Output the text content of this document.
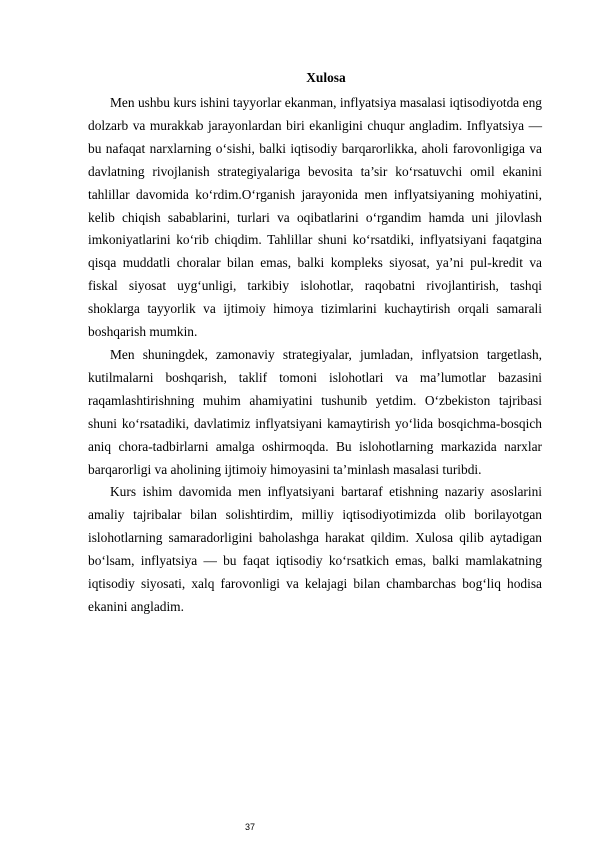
Xulosa

Men ushbu kurs ishini tayyorlar ekanman, inflyatsiya masalasi iqtisodiyotda eng dolzarb va murakkab jarayonlardan biri ekanligini chuqur angladim. Inflyatsiya — bu nafaqat narxlarning o‘sishi, balki iqtisodiy barqarorlikka, aholi farovonligiga va davlatning rivojlanish strategiyalariga bevosita ta’sir ko‘rsatuvchi omil ekanini tahlillar davomida ko‘rdim.O‘rganish jarayonida men inflyatsiyaning mohiyatini, kelib chiqish sabablarini, turlari va oqibatlarini o‘rgandim hamda uni jilovlash imkoniyatlarini ko‘rib chiqdim. Tahlillar shuni ko‘rsatdiki, inflyatsiyani faqatgina qisqa muddatli choralar bilan emas, balki kompleks siyosat, ya’ni pul-kredit va fiskal siyosat uyg‘unligi, tarkibiy islohotlar, raqobatni rivojlantirish, tashqi shoklarga tayyorlik va ijtimoiy himoya tizimlarini kuchaytirish orqali samarali boshqarish mumkin.

Men shuningdek, zamonaviy strategiyalar, jumladan, inflyatsion targetlash, kutilmalarni boshqarish, taklif tomoni islohotlari va ma’lumotlar bazasini raqamlashtirishning muhim ahamiyatini tushunib yetdim. O‘zbekiston tajribasi shuni ko‘rsatadiki, davlatimiz inflyatsiyani kamaytirish yo‘lida bosqichma-bosqich aniq chora-tadbirlarni amalga oshirmoqda. Bu islohotlarning markazida narxlar barqarorligi va aholining ijtimoiy himoyasini ta’minlash masalasi turibdi.

Kurs ishim davomida men inflyatsiyani bartaraf etishning nazariy asoslarini amaliy tajribalar bilan solishtirdim, milliy iqtisodiyotimizda olib borilayotgan islohotlarning samaradorligini baholashga harakat qildim. Xulosa qilib aytadigan bo‘lsam, inflyatsiya — bu faqat iqtisodiy ko‘rsatkich emas, balki mamlakatning iqtisodiy siyosati, xalq farovonligi va kelajagi bilan chambarchas bog‘liq hodisa ekanini angladim.

37
